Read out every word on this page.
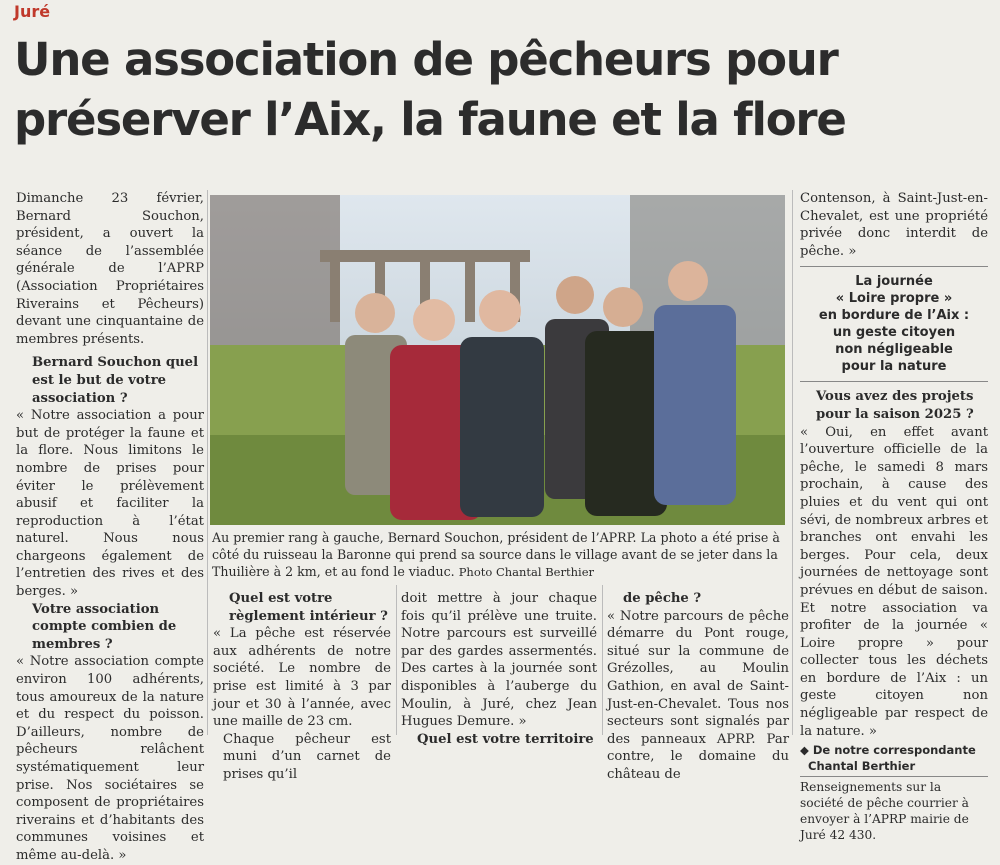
Juré

Une association de pêcheurs pour
préserver l’Aix, la faune et la flore

Dimanche 23 février, Bernard Souchon, président, a ouvert la séance de l’assemblée générale de l’APRP (Association Propriétaires Riverains et Pêcheurs) devant une cinquantaine de membres présents.

Bernard Souchon quel est le but de votre association ?

« Notre association a pour but de protéger la faune et la flore. Nous limitons le nombre de prises pour éviter le prélèvement abusif et faciliter la reproduction à l’état naturel. Nous nous chargeons également de l’entretien des rives et des berges. »

Votre association compte combien de membres ?

« Notre association compte environ 100 adhérents, tous amoureux de la nature et du respect du poisson. D’ailleurs, nombre de pêcheurs relâchent systématiquement leur prise. Nos sociétaires se composent de propriétaires riverains et d’habitants des communes voisines et même au-delà. »

Au premier rang à gauche, Bernard Souchon, président de l’APRP. La photo a été prise à côté du ruisseau la Baronne qui prend sa source dans le village avant de se jeter dans la Thuilière à 2 km, et au fond le viaduc. Photo Chantal Berthier

Quel est votre règlement intérieur ?

« La pêche est réservée aux adhérents de notre société. Le nombre de prise est limité à 3 par jour et 30 à l’année, avec une maille de 23 cm.

Chaque pêcheur est muni d’un carnet de prises qu’il

doit mettre à jour chaque fois qu’il prélève une truite. Notre parcours est surveillé par des gardes assermentés. Des cartes à la journée sont disponibles à l’auberge du Moulin, à Juré, chez Jean Hugues Demure. »

Quel est votre territoire

de pêche ?

« Notre parcours de pêche démarre du Pont rouge, situé sur la commune de Grézolles, au Moulin Gathion, en aval de Saint-Just-en-Chevalet. Tous nos secteurs sont signalés par des panneaux APRP. Par contre, le domaine du château de

Contenson, à Saint-Just-en-Chevalet, est une propriété privée donc interdit de pêche. »

La journée

« Loire propre »

en bordure de l’Aix :

un geste citoyen

non négligeable

pour la nature

Vous avez des projets pour la saison 2025 ?

« Oui, en effet avant l’ouverture officielle de la pêche, le samedi 8 mars prochain, à cause des pluies et du vent qui ont sévi, de nombreux arbres et branches ont envahi les berges. Pour cela, deux journées de nettoyage sont prévues en début de saison. Et notre association va profiter de la journée « Loire propre » pour collecter tous les déchets en bordure de l’Aix : un geste citoyen non négligeable par respect de la nature. »

◆ De notre correspondante

Chantal Berthier

Renseignements sur la société de pêche courrier à envoyer à l’APRP mairie de Juré 42 430.
